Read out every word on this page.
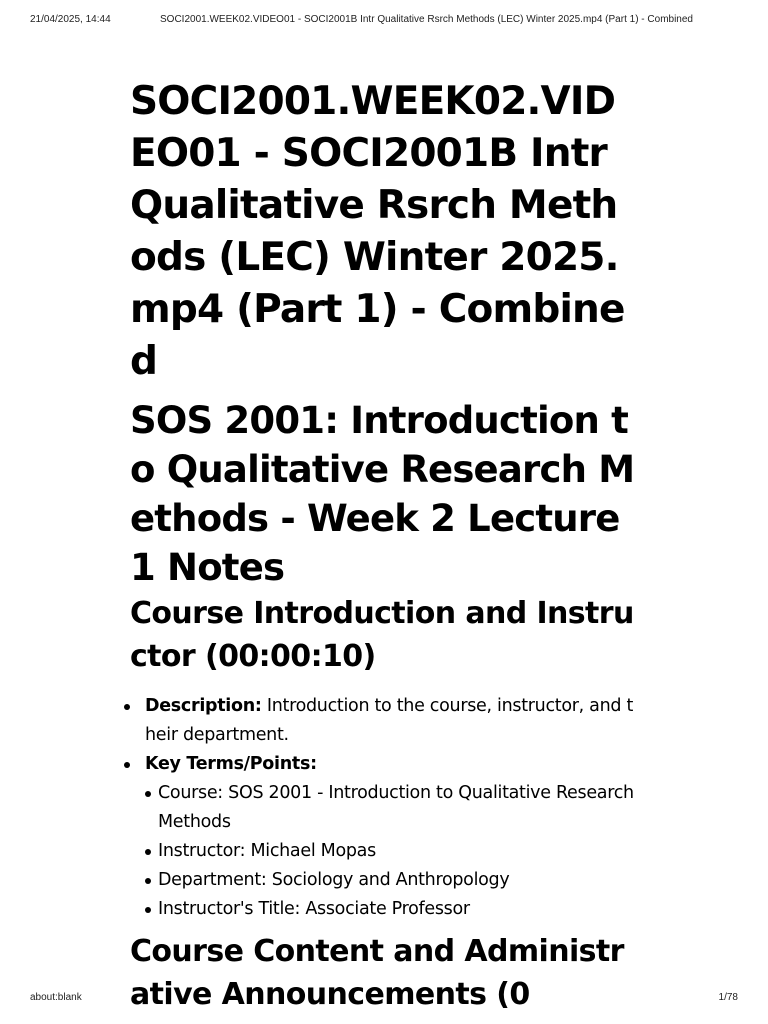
21/04/2025, 14:44	SOCI2001.WEEK02.VIDEO01 - SOCI2001B Intr Qualitative Rsrch Methods (LEC) Winter 2025.mp4 (Part 1) - Combined
SOCI2001.WEEK02.VIDEO01 - SOCI2001B Intr Qualitative Rsrch Methods (LEC) Winter 2025.mp4 (Part 1) - Combined
SOS 2001: Introduction to Qualitative Research Methods - Week 2 Lecture 1 Notes
Course Introduction and Instructor (00:00:10)
Description: Introduction to the course, instructor, and their department.
Key Terms/Points:
Course: SOS 2001 - Introduction to Qualitative Research Methods
Instructor: Michael Mopas
Department: Sociology and Anthropology
Instructor's Title: Associate Professor
Course Content and Administrative Announcements (0
about:blank	1/78
